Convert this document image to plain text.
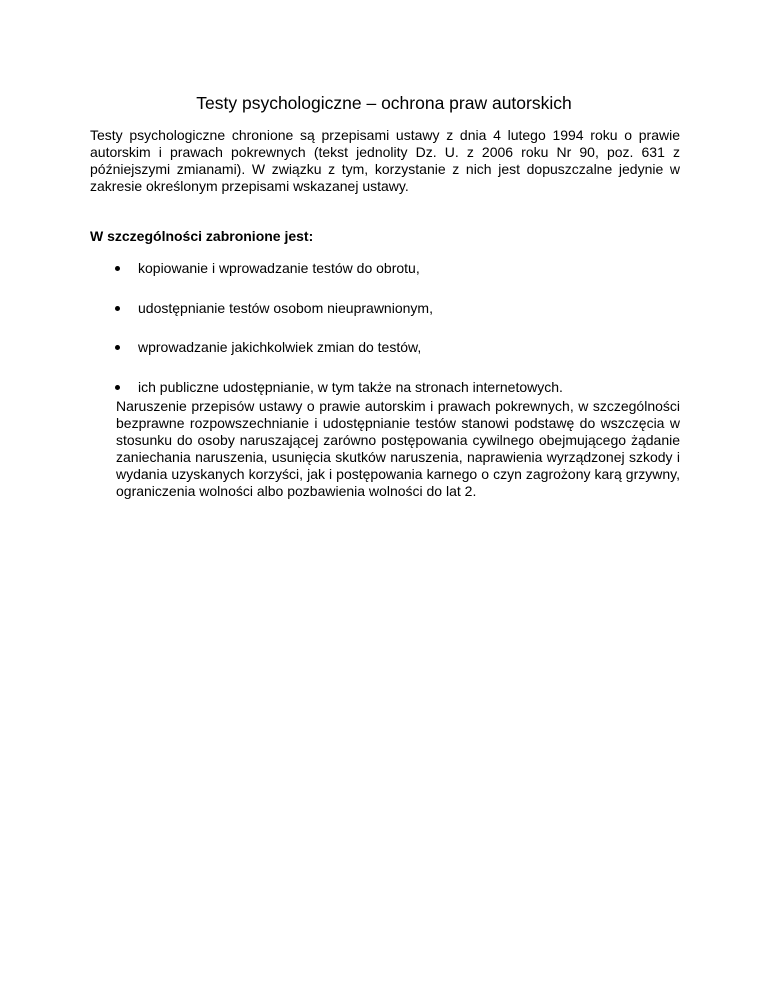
Testy psychologiczne – ochrona praw autorskich

Testy psychologiczne chronione są przepisami ustawy z dnia 4 lutego 1994 roku o prawie autorskim i prawach pokrewnych (tekst jednolity Dz. U. z 2006 roku Nr 90, poz. 631 z późniejszymi zmianami). W związku z tym, korzystanie z nich jest dopuszczalne jedynie w zakresie określonym przepisami wskazanej ustawy.

W szczególności zabronione jest:

kopiowanie i wprowadzanie testów do obrotu,
udostępnianie testów osobom nieuprawnionym,
wprowadzanie jakichkolwiek zmian do testów,
ich publiczne udostępnianie, w tym także na stronach internetowych.

Naruszenie przepisów ustawy o prawie autorskim i prawach pokrewnych, w szczególności bezprawne rozpowszechnianie i udostępnianie testów stanowi podstawę do wszczęcia w stosunku do osoby naruszającej zarówno postępowania cywilnego obejmującego żądanie zaniechania naruszenia, usunięcia skutków naruszenia, naprawienia wyrządzonej szkody i wydania uzyskanych korzyści, jak i postępowania karnego o czyn zagrożony karą grzywny, ograniczenia wolności albo pozbawienia wolności do lat 2.
